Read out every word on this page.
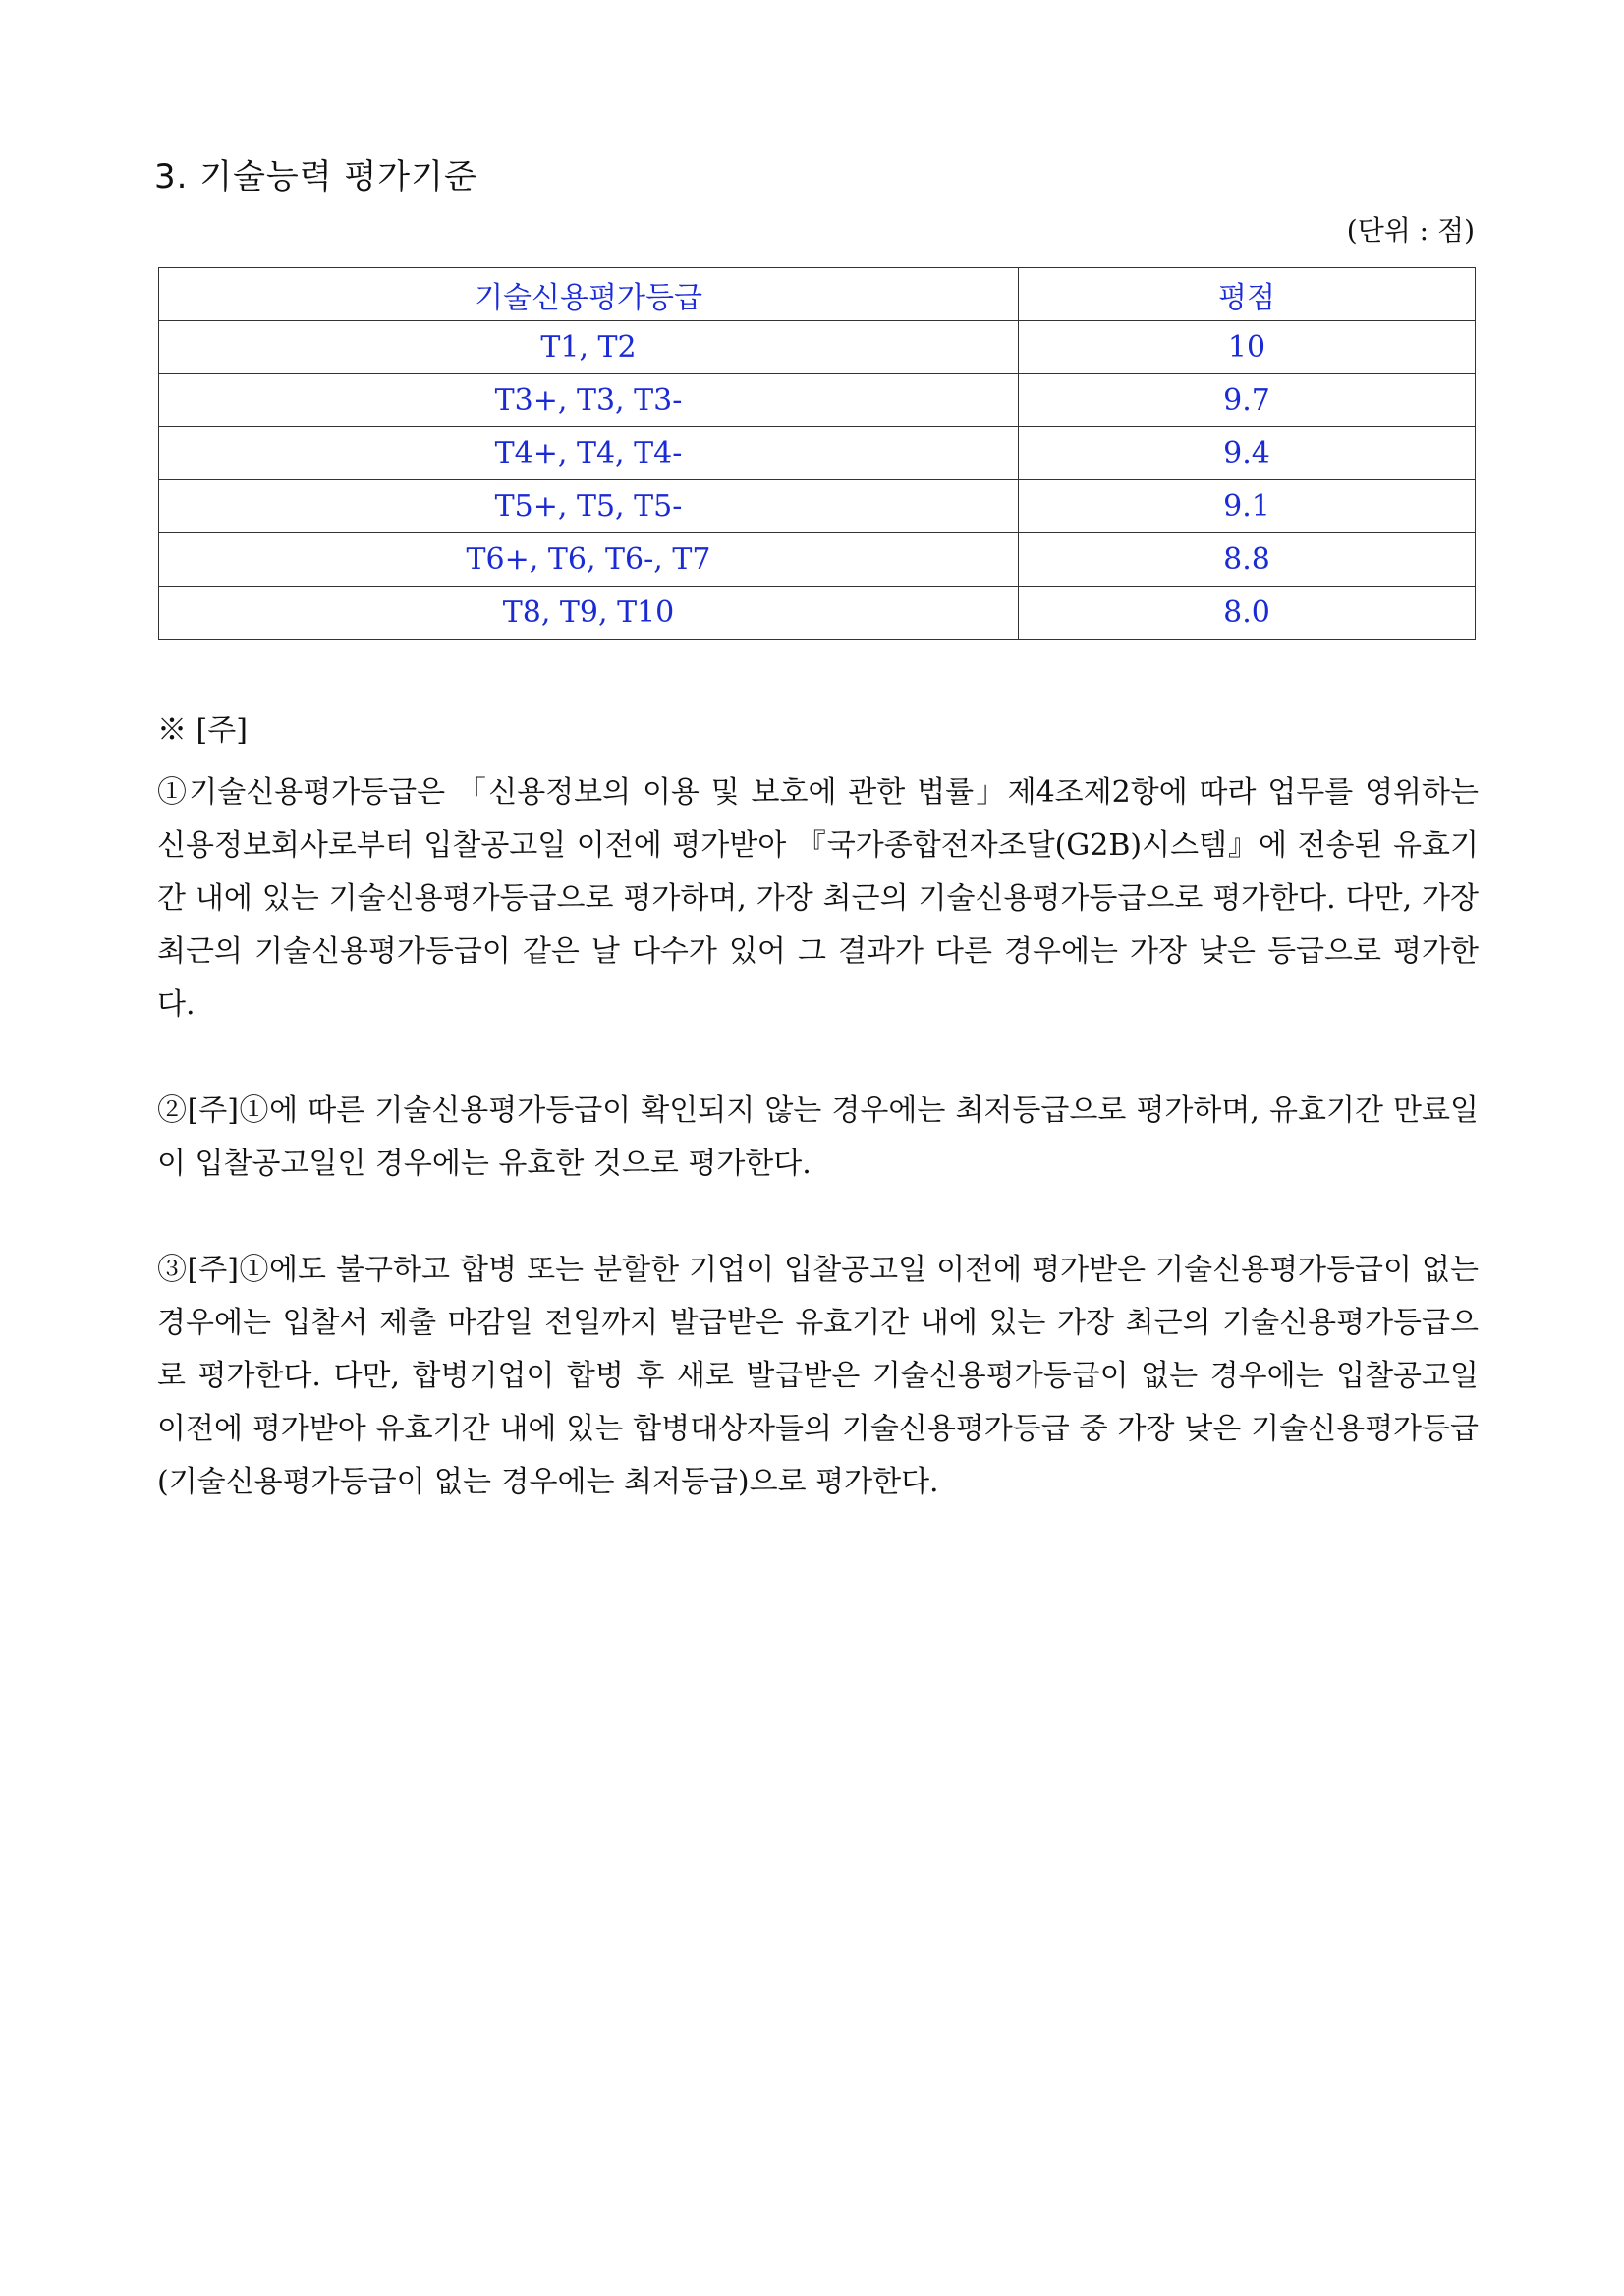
3. 기술능력 평가기준
(단위 : 점)
기술신용평가등급	평점
T1, T2	10
T3+, T3, T3-	9.7
T4+, T4, T4-	9.4
T5+, T5, T5-	9.1
T6+, T6, T6-, T7	8.8
T8, T9, T10	8.0

※ [주]

①기술신용평가등급은 「신용정보의 이용 및 보호에 관한 법률」제4조제2항에 따라 업무를 영위하는 신용정보회사로부터 입찰공고일 이전에 평가받아 『국가종합전자조달(G2B)시스템』에 전송된 유효기간 내에 있는 기술신용평가등급으로 평가하며, 가장 최근의 기술신용평가등급으로 평가한다. 다만, 가장 최근의 기술신용평가등급이 같은 날 다수가 있어 그 결과가 다른 경우에는 가장 낮은 등급으로 평가한다.

②[주]①에 따른 기술신용평가등급이 확인되지 않는 경우에는 최저등급으로 평가하며, 유효기간 만료일이 입찰공고일인 경우에는 유효한 것으로 평가한다.

③[주]①에도 불구하고 합병 또는 분할한 기업이 입찰공고일 이전에 평가받은 기술신용평가등급이 없는 경우에는 입찰서 제출 마감일 전일까지 발급받은 유효기간 내에 있는 가장 최근의 기술신용평가등급으로 평가한다. 다만, 합병기업이 합병 후 새로 발급받은 기술신용평가등급이 없는 경우에는 입찰공고일 이전에 평가받아 유효기간 내에 있는 합병대상자들의 기술신용평가등급 중 가장 낮은 기술신용평가등급(기술신용평가등급이 없는 경우에는 최저등급)으로 평가한다.
